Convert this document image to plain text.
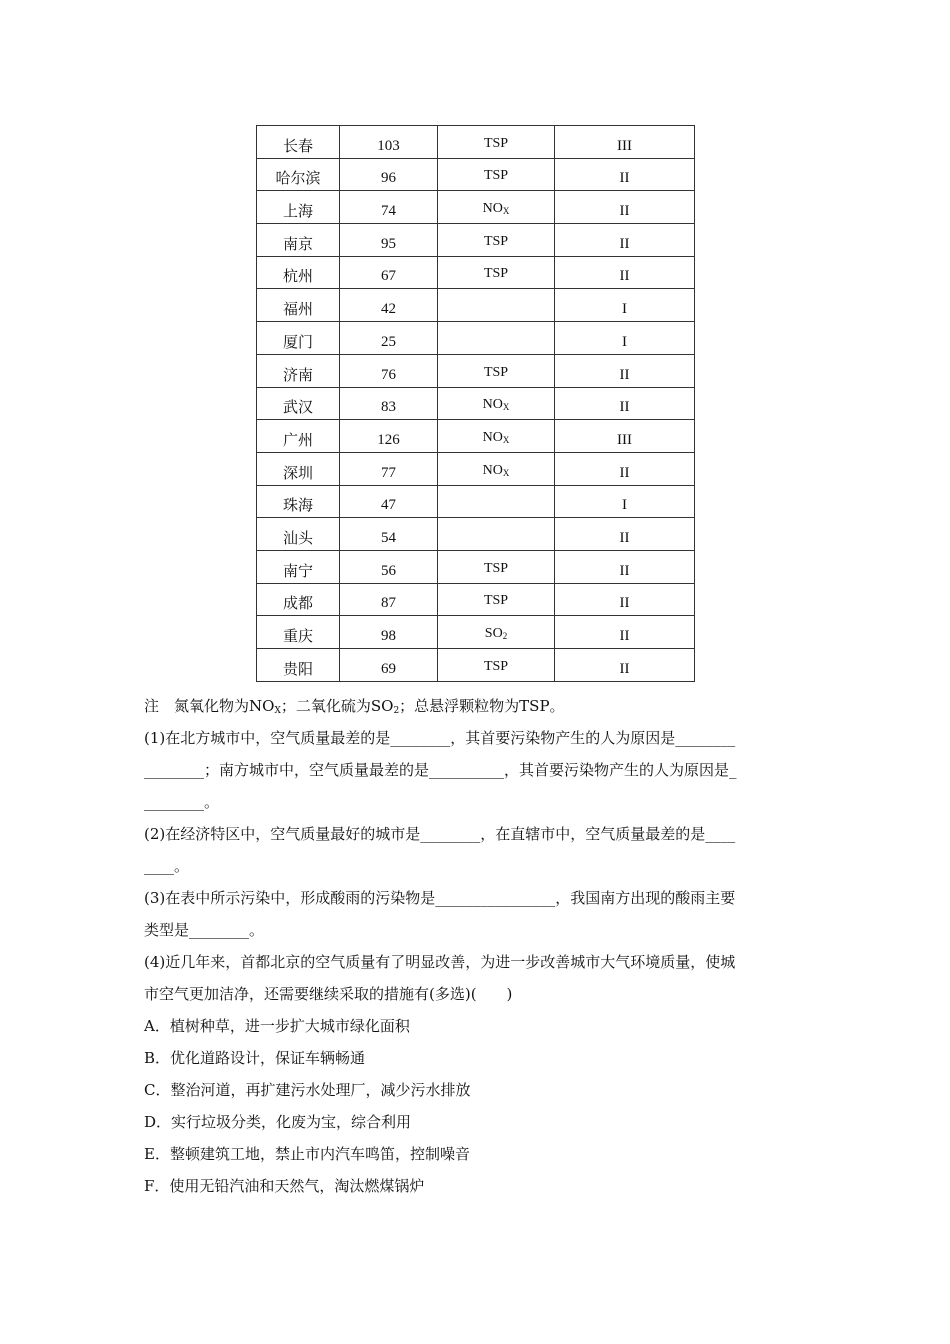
长春	103	TSP	III
哈尔滨	96	TSP	II
上海	74	$NO_X$	II
南京	95	TSP	II
杭州	67	TSP	II
福州	42		I
厦门	25		I
济南	76	TSP	II
武汉	83	$NO_X$	II
广州	126	$NO_X$	III
深圳	77	$NO_X$	II
珠海	47		I
汕头	54		II
南宁	56	TSP	II
成都	87	TSP	II
重庆	98	$SO_2$	II
贵阳	69	TSP	II
注　氮氧化物为$NO_X$；二氧化硫为$SO_2$；总悬浮颗粒物为TSP。
(1)在北方城市中，空气质量最差的是________，其首要污染物产生的人为原因是________
________；南方城市中，空气质量最差的是__________，其首要污染物产生的人为原因是_
________。
(2)在经济特区中，空气质量最好的城市是________，在直辖市中，空气质量最差的是____
____。
(3)在表中所示污染中，形成酸雨的污染物是________________，我国南方出现的酸雨主要
类型是________。
(4)近几年来，首都北京的空气质量有了明显改善，为进一步改善城市大气环境质量，使城
市空气更加洁净，还需要继续采取的措施有(多选)(　　)
A．植树种草，进一步扩大城市绿化面积
B．优化道路设计，保证车辆畅通
C．整治河道，再扩建污水处理厂，减少污水排放
D．实行垃圾分类，化废为宝，综合利用
E．整顿建筑工地，禁止市内汽车鸣笛，控制噪音
F．使用无铅汽油和天然气，淘汰燃煤锅炉
